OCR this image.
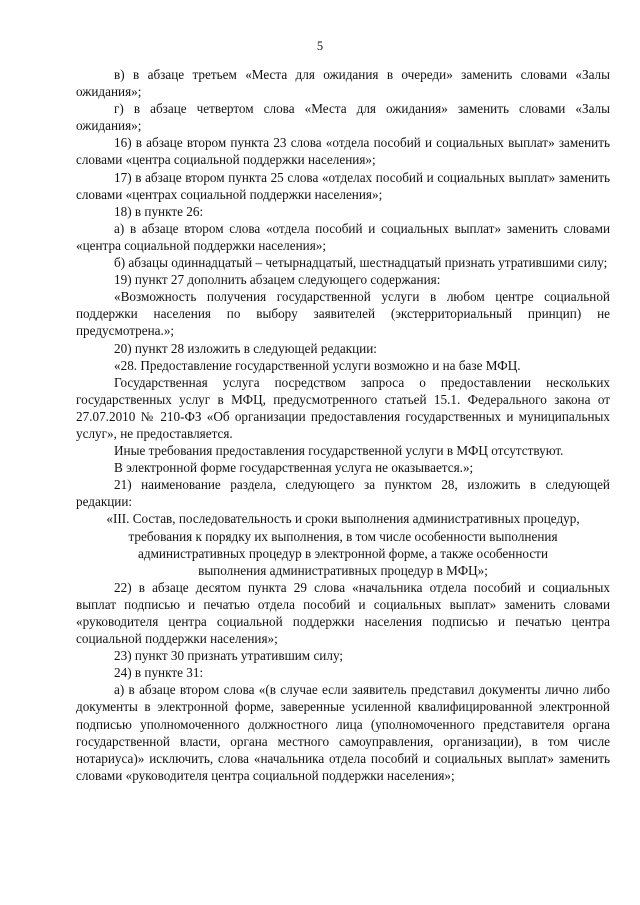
5

в) в абзаце третьем «Места для ожидания в очереди» заменить словами «Залы ожидания»;

г) в абзаце четвертом слова «Места для ожидания» заменить словами «Залы ожидания»;

16) в абзаце втором пункта 23 слова «отдела пособий и социальных выплат» заменить словами «центра социальной поддержки населения»;

17) в абзаце втором пункта 25 слова «отделах пособий и социальных выплат» заменить словами «центрах социальной поддержки населения»;

18) в пункте 26:

а) в абзаце втором слова «отдела пособий и социальных выплат» заменить словами «центра социальной поддержки населения»;

б) абзацы одиннадцатый – четырнадцатый, шестнадцатый признать утратившими силу;

19) пункт 27 дополнить абзацем следующего содержания:

«Возможность получения государственной услуги в любом центре социальной поддержки населения по выбору заявителей (экстерриториальный принцип) не предусмотрена.»;

20) пункт 28 изложить в следующей редакции:

«28. Предоставление государственной услуги возможно и на базе МФЦ.

Государственная услуга посредством запроса о предоставлении нескольких государственных услуг в МФЦ, предусмотренного статьей 15.1. Федерального закона от 27.07.2010 № 210-ФЗ «Об организации предоставления государственных и муниципальных услуг», не предоставляется.

Иные требования предоставления государственной услуги в МФЦ отсутствуют.

В электронной форме государственная услуга не оказывается.»;

21) наименование раздела, следующего за пунктом 28, изложить в следующей редакции:

«III. Состав, последовательность и сроки выполнения административных процедур, требования к порядку их выполнения, в том числе особенности выполнения административных процедур в электронной форме, а также особенности выполнения административных процедур в МФЦ»;

22) в абзаце десятом пункта 29 слова «начальника отдела пособий и социальных выплат подписью и печатью отдела пособий и социальных выплат» заменить словами «руководителя центра социальной поддержки населения подписью и печатью центра социальной поддержки населения»;

23) пункт 30 признать утратившим силу;

24) в пункте 31:

а) в абзаце втором слова «(в случае если заявитель представил документы лично либо документы в электронной форме, заверенные усиленной квалифицированной электронной подписью уполномоченного должностного лица (уполномоченного представителя органа государственной власти, органа местного самоуправления, организации), в том числе нотариуса)» исключить, слова «начальника отдела пособий и социальных выплат» заменить словами «руководителя центра социальной поддержки населения»;
